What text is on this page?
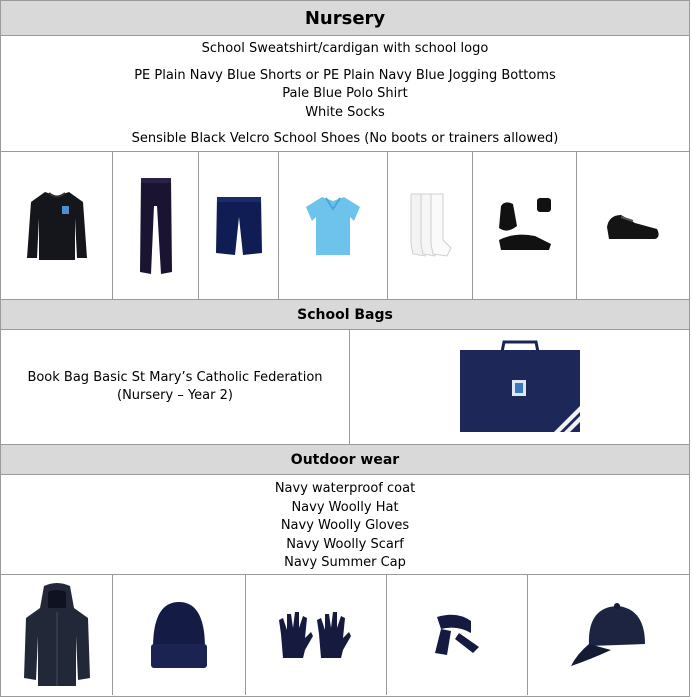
Nursery
School Sweatshirt/cardigan with school logo
PE Plain Navy Blue Shorts or PE Plain Navy Blue Jogging Bottoms
Pale Blue Polo Shirt
White Socks
Sensible Black Velcro School Shoes (No boots or trainers allowed)
School Bags
Book Bag Basic St Mary’s Catholic Federation
(Nursery – Year 2)
Outdoor wear
Navy waterproof coat
Navy Woolly Hat
Navy Woolly Gloves
Navy Woolly Scarf
Navy Summer Cap
